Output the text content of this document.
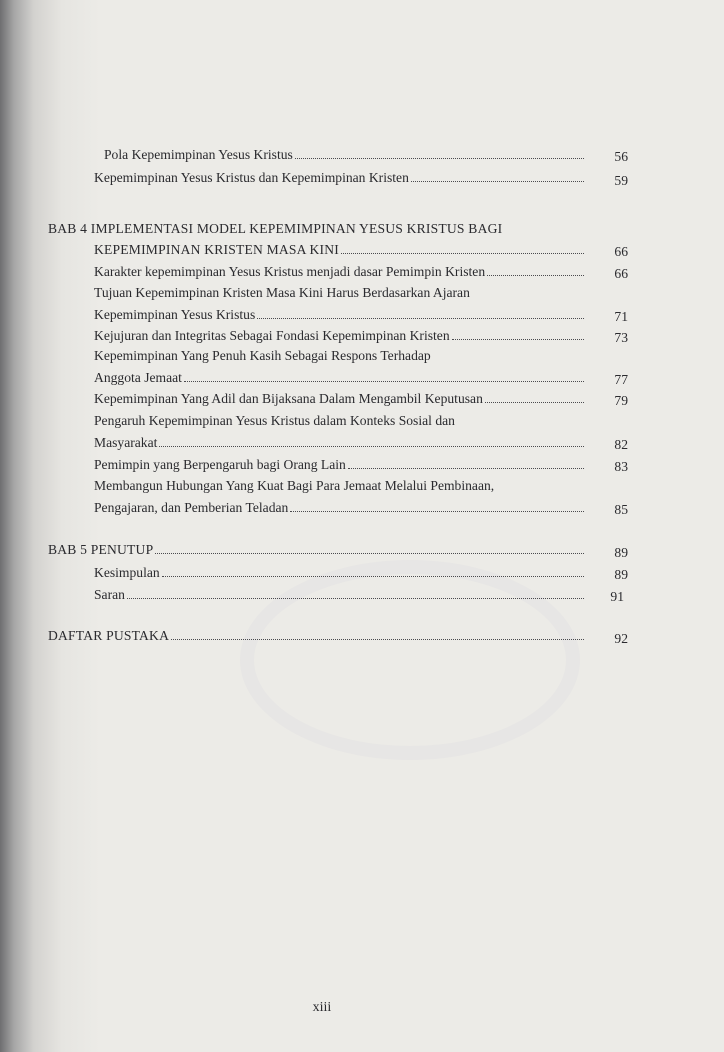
Pola Kepemimpinan Yesus Kristus	56
Kepemimpinan Yesus Kristus dan Kepemimpinan Kristen	59
BAB 4 IMPLEMENTASI MODEL KEPEMIMPINAN YESUS KRISTUS BAGI
KEPEMIMPINAN KRISTEN MASA KINI	66
Karakter kepemimpinan Yesus Kristus menjadi dasar Pemimpin Kristen	66
Tujuan Kepemimpinan Kristen Masa Kini Harus Berdasarkan Ajaran
Kepemimpinan Yesus Kristus	71
Kejujuran dan Integritas Sebagai Fondasi Kepemimpinan Kristen	73
Kepemimpinan Yang Penuh Kasih Sebagai Respons Terhadap
Anggota Jemaat	77
Kepemimpinan Yang Adil dan Bijaksana Dalam Mengambil Keputusan	79
Pengaruh Kepemimpinan Yesus Kristus dalam Konteks Sosial dan
Masyarakat	82
Pemimpin yang Berpengaruh bagi Orang Lain	83
Membangun Hubungan Yang Kuat Bagi Para Jemaat Melalui Pembinaan,
Pengajaran, dan Pemberian Teladan	85
BAB 5 PENUTUP	89
Kesimpulan	89
Saran	91
DAFTAR PUSTAKA	92
xiii
